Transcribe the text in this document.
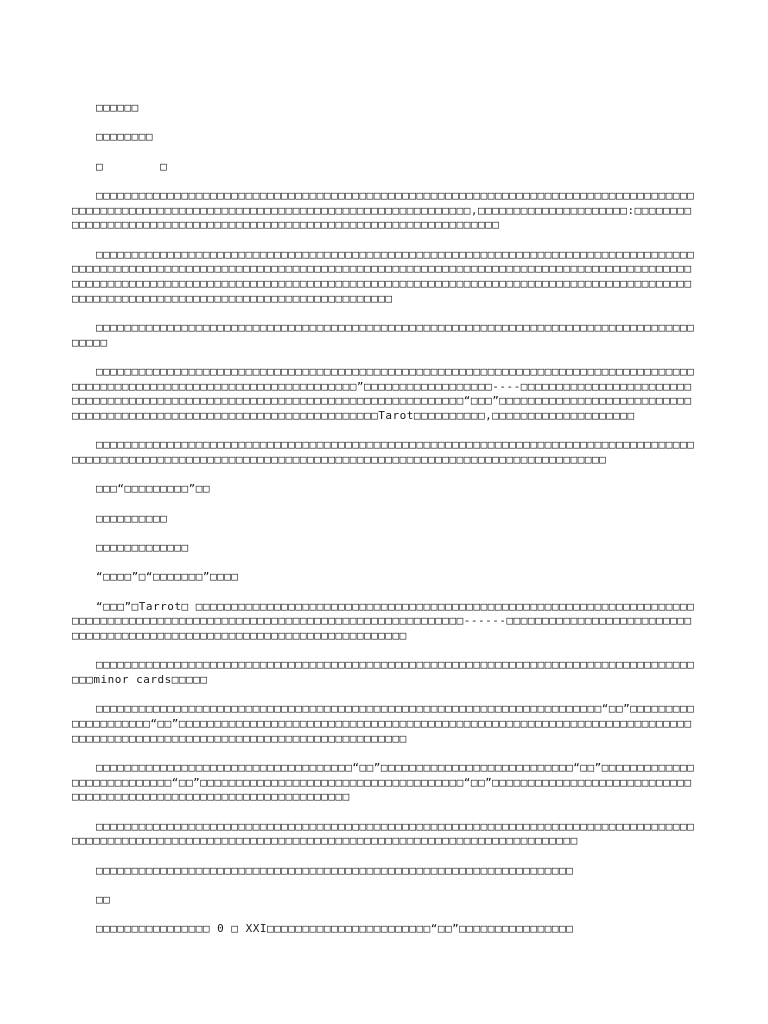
□□□□□□

□□□□□□□□

□        □

□□□□□□□□□□□□□□□□□□□□□□□□□□□□□□□□□□□□□□□□□□□□□□□□□□□□□□□□□□□□□□□□□□□□□□□□□□□□□□□□□□□□□□□□□□□□□□□□□□□□□□□□□□□□□□□□□□□□□□□□□□□□□□□□□□□□□□□□□□□□,□□□□□□□□□□□□□□□□□□□□□:□□□□□□□□□□□□□□□□□□□□□□□□□□□□□□□□□□□□□□□□□□□□□□□□□□□□□□□□□□□□□□□□□□□□

□□□□□□□□□□□□□□□□□□□□□□□□□□□□□□□□□□□□□□□□□□□□□□□□□□□□□□□□□□□□□□□□□□□□□□□□□□□□□□□□□□□□□□□□□□□□□□□□□□□□□□□□□□□□□□□□□□□□□□□□□□□□□□□□□□□□□□□□□□□□□□□□□□□□□□□□□□□□□□□□□□□□□□□□□□□□□□□□□□□□□□□□□□□□□□□□□□□□□□□□□□□□□□□□□□□□□□□□□□□□□□□□□□□□□□□□□□□□□□□□□□□□□□□□□□□□□□□□□□□□□□□□□□□□□□□□□□□□□□□□□□□□□□□□□□□□□□□□□□□□□□□

□□□□□□□□□□□□□□□□□□□□□□□□□□□□□□□□□□□□□□□□□□□□□□□□□□□□□□□□□□□□□□□□□□□□□□□□□□□□□□□□□□□□□□□□□

□□□□□□□□□□□□□□□□□□□□□□□□□□□□□□□□□□□□□□□□□□□□□□□□□□□□□□□□□□□□□□□□□□□□□□□□□□□□□□□□□□□□□□□□□□□□□□□□□□□□□□□□□□□□□□□□□□□□□□□□□□□□”□□□□□□□□□□□□□□□□□□----□□□□□□□□□□□□□□□□□□□□□□□□□□□□□□□□□□□□□□□□□□□□□□□□□□□□□□□□□□□□□□□□□□□□□□□□□□□□□□□“□□□”□□□□□□□□□□□□□□□□□□□□□□□□□□□□□□□□□□□□□□□□□□□□□□□□□□□□□□□□□□□□□□□□□□□□□□Tarot□□□□□□□□□□,□□□□□□□□□□□□□□□□□□□□

□□□□□□□□□□□□□□□□□□□□□□□□□□□□□□□□□□□□□□□□□□□□□□□□□□□□□□□□□□□□□□□□□□□□□□□□□□□□□□□□□□□□□□□□□□□□□□□□□□□□□□□□□□□□□□□□□□□□□□□□□□□□□□□□□□□□□□□□□□□□□□□□□□□□□□□□□□□□□□□

□□□“□□□□□□□□□”□□

□□□□□□□□□□

□□□□□□□□□□□□□

“□□□□”□“□□□□□□□”□□□□

“□□□”□Tarrot□ □□□□□□□□□□□□□□□□□□□□□□□□□□□□□□□□□□□□□□□□□□□□□□□□□□□□□□□□□□□□□□□□□□□□□□□□□□□□□□□□□□□□□□□□□□□□□□□□□□□□□□□□□□□□□□□□□□□□□□□□□□□□□------□□□□□□□□□□□□□□□□□□□□□□□□□□□□□□□□□□□□□□□□□□□□□□□□□□□□□□□□□□□□□□□□□□□□□□□□□

□□□□□□□□□□□□□□□□□□□□□□□□□□□□□□□□□□□□□□□□□□□□□□□□□□□□□□□□□□□□□□□□□□□□□□□□□□□□□□□□□□□□□□□minor cards□□□□□

□□□□□□□□□□□□□□□□□□□□□□□□□□□□□□□□□□□□□□□□□□□□□□□□□□□□□□□□□□□□□□□□□□□□□□□“□□”□□□□□□□□□□□□□□□□□□□□“□□”□□□□□□□□□□□□□□□□□□□□□□□□□□□□□□□□□□□□□□□□□□□□□□□□□□□□□□□□□□□□□□□□□□□□□□□□□□□□□□□□□□□□□□□□□□□□□□□□□□□□□□□□□□□□□□□□□□□□□□□

□□□□□□□□□□□□□□□□□□□□□□□□□□□□□□□□□□□□“□□”□□□□□□□□□□□□□□□□□□□□□□□□□□□“□□”□□□□□□□□□□□□□□□□□□□□□□□□□□□“□□”□□□□□□□□□□□□□□□□□□□□□□□□□□□□□□□□□□□□□“□□”□□□□□□□□□□□□□□□□□□□□□□□□□□□□□□□□□□□□□□□□□□□□□□□□□□□□□□□□□□□□□□□□□□□

□□□□□□□□□□□□□□□□□□□□□□□□□□□□□□□□□□□□□□□□□□□□□□□□□□□□□□□□□□□□□□□□□□□□□□□□□□□□□□□□□□□□□□□□□□□□□□□□□□□□□□□□□□□□□□□□□□□□□□□□□□□□□□□□□□□□□□□□□□□□□□□□□□□□□□□□□□□

□□□□□□□□□□□□□□□□□□□□□□□□□□□□□□□□□□□□□□□□□□□□□□□□□□□□□□□□□□□□□□□□□□□

□□

□□□□□□□□□□□□□□□□ 0 □ XXI□□□□□□□□□□□□□□□□□□□□□□□“□□”□□□□□□□□□□□□□□□□
